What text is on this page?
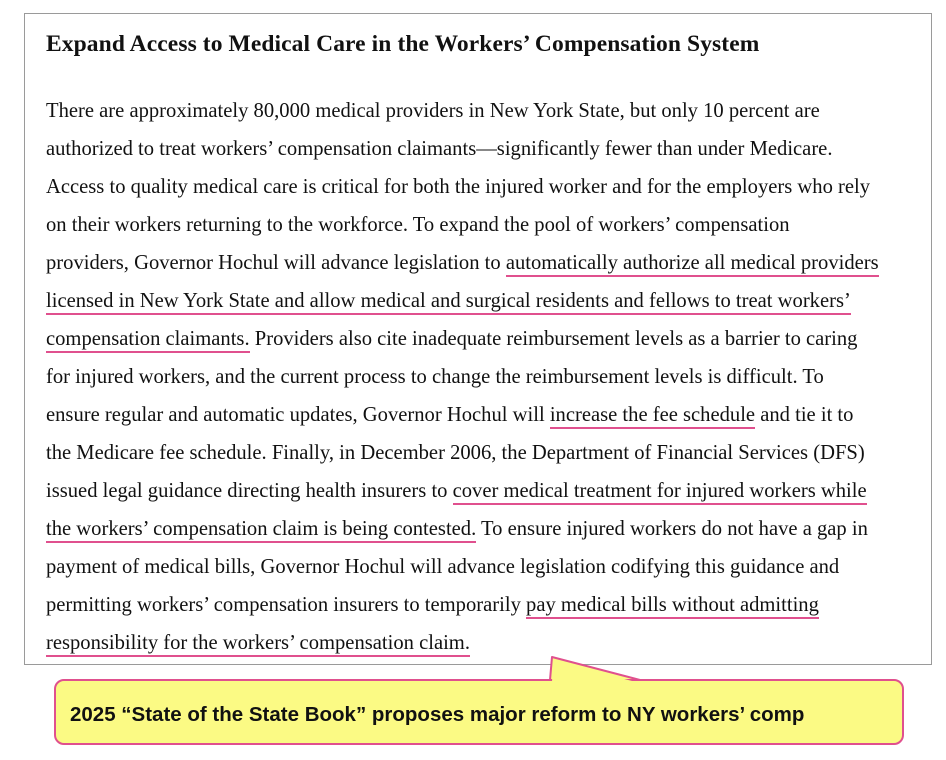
Expand Access to Medical Care in the Workers’ Compensation System
There are approximately 80,000 medical providers in New York State, but only 10 percent are
authorized to treat workers’ compensation claimants—significantly fewer than under Medicare.
Access to quality medical care is critical for both the injured worker and for the employers who rely
on their workers returning to the workforce. To expand the pool of workers’ compensation
providers, Governor Hochul will advance legislation to automatically authorize all medical providers
licensed in New York State and allow medical and surgical residents and fellows to treat workers’
compensation claimants. Providers also cite inadequate reimbursement levels as a barrier to caring
for injured workers, and the current process to change the reimbursement levels is difficult. To
ensure regular and automatic updates, Governor Hochul will increase the fee schedule and tie it to
the Medicare fee schedule. Finally, in December 2006, the Department of Financial Services (DFS)
issued legal guidance directing health insurers to cover medical treatment for injured workers while
the workers’ compensation claim is being contested. To ensure injured workers do not have a gap in
payment of medical bills, Governor Hochul will advance legislation codifying this guidance and
permitting workers’ compensation insurers to temporarily pay medical bills without admitting
responsibility for the workers’ compensation claim.
2025 “State of the State Book” proposes major reform to NY workers’ comp
